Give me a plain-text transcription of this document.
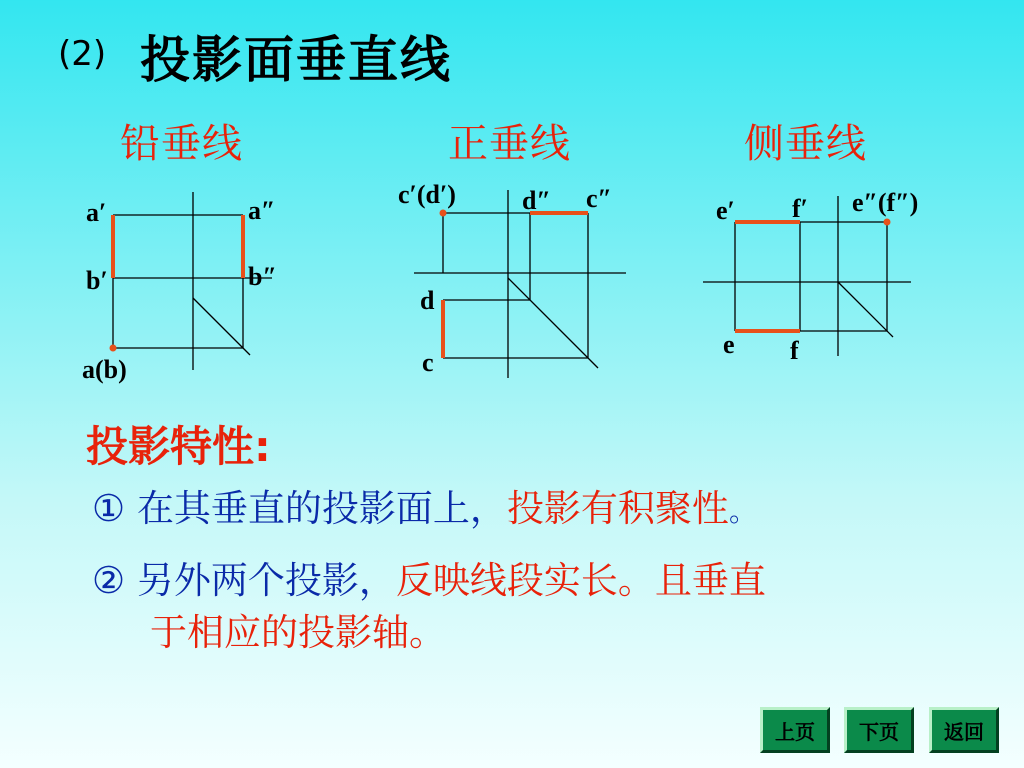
(2) 投影面垂直线
铅垂线	正垂线	侧垂线
a′	a″
b′	b″
a(b)
c′(d′)	d″ c″
d
c
e′ f′ e″(f″)
e f
投影特性:
① 在其垂直的投影面上，投影有积聚性。
② 另外两个投影，反映线段实长。且垂直
于相应的投影轴。
上页	下页	返回
